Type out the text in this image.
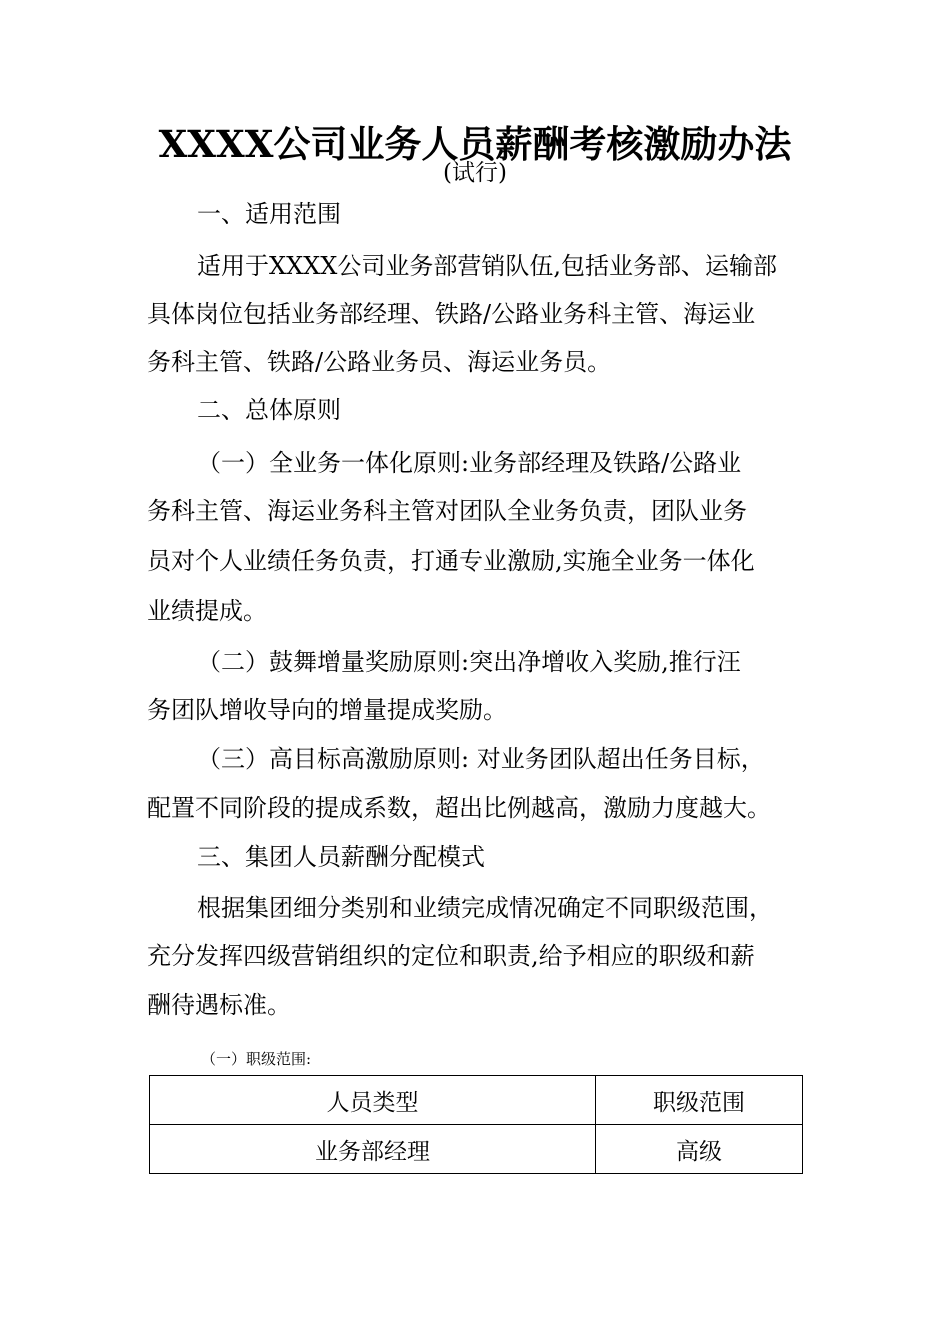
XXXX公司业务人员薪酬考核激励办法
(试行)
一、适用范围
适用于XXXX公司业务部营销队伍,包括业务部、运输部
具体岗位包括业务部经理、铁路/公路业务科主管、海运业
务科主管、铁路/公路业务员、海运业务员。
二、总体原则
（一）全业务一体化原则:业务部经理及铁路/公路业
务科主管、海运业务科主管对团队全业务负责，团队业务
员对个人业绩任务负责，打通专业激励,实施全业务一体化
业绩提成。
（二）鼓舞增量奖励原则:突出净增收入奖励,推行汪
务团队增收导向的增量提成奖励。
（三）高目标高激励原则: 对业务团队超出任务目标，
配置不同阶段的提成系数，超出比例越高，激励力度越大。
三、集团人员薪酬分配模式
根据集团细分类别和业绩完成情况确定不同职级范围，
充分发挥四级营销组织的定位和职责,给予相应的职级和薪
酬待遇标准。
（一）职级范围:
人员类型	职级范围
业务部经理	高级
